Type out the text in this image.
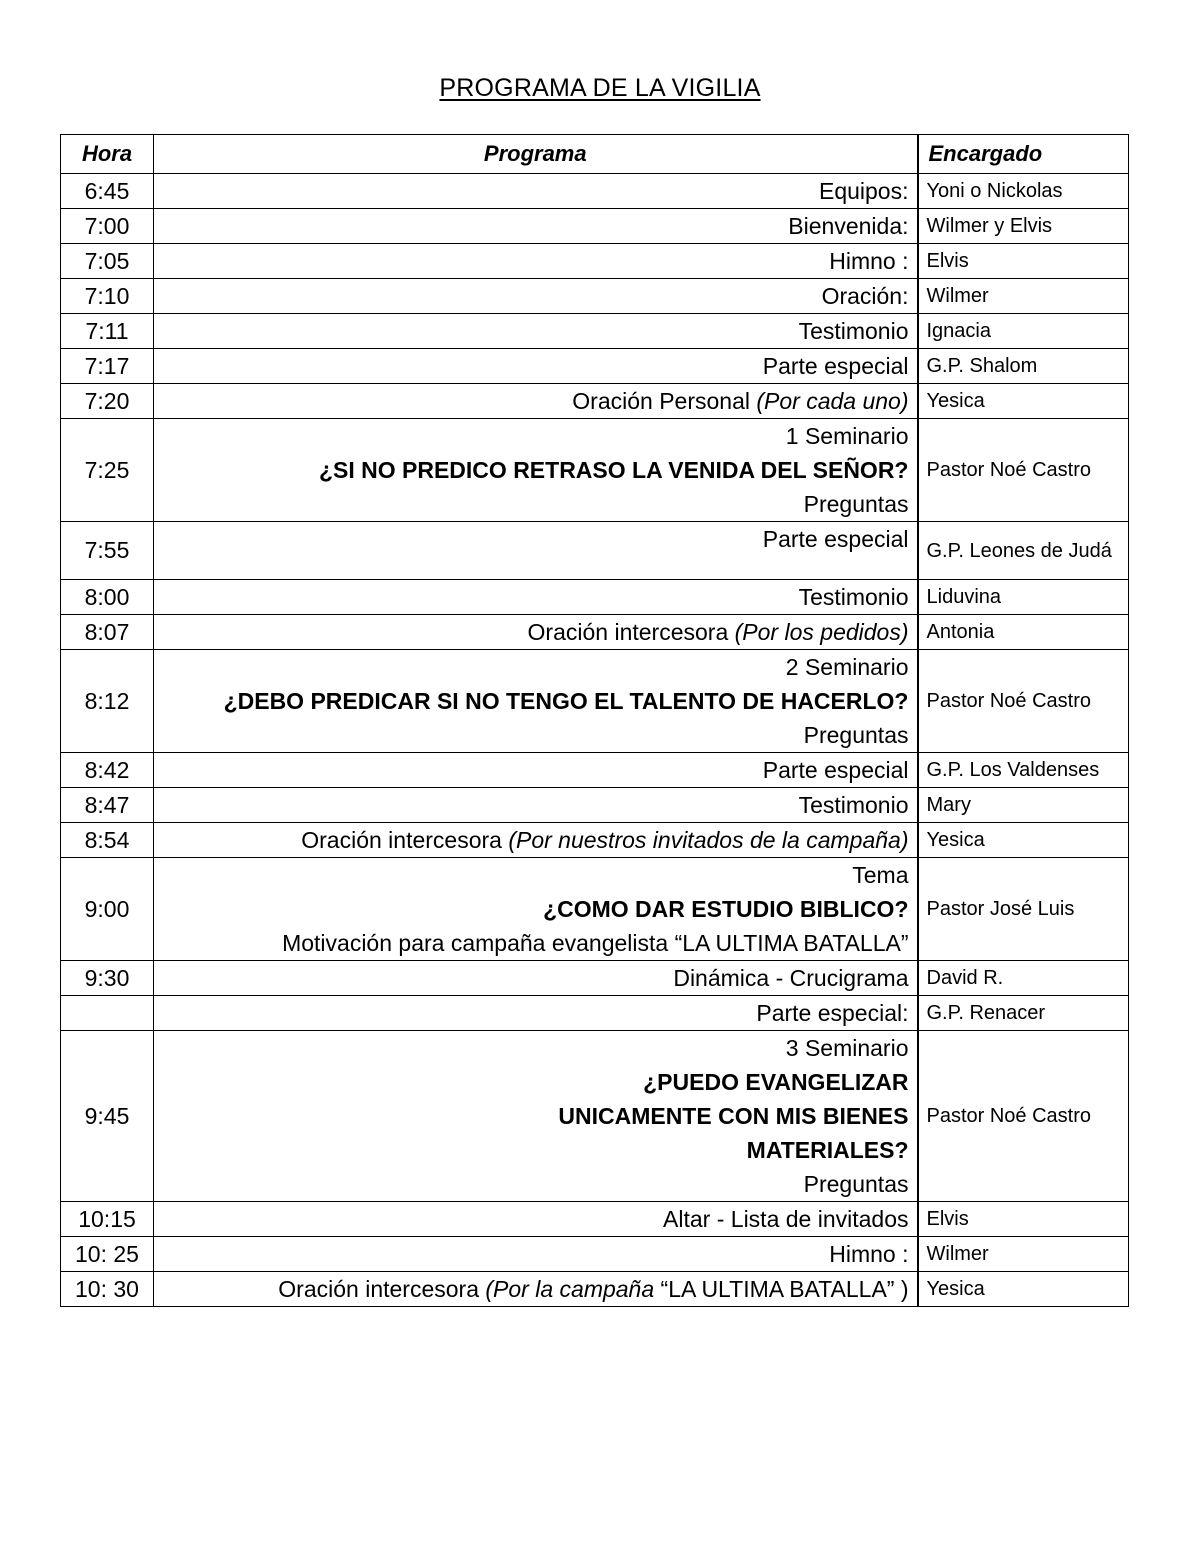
PROGRAMA DE LA VIGILIA
Hora	Programa	Encargado
6:45	Equipos:	Yoni o Nickolas
7:00	Bienvenida:	Wilmer y Elvis
7:05	Himno :	Elvis
7:10	Oración:	Wilmer
7:11	Testimonio	Ignacia
7:17	Parte especial	G.P. Shalom
7:20	Oración Personal (Por cada uno)	Yesica
7:25	1 Seminario
¿SI NO PREDICO RETRASO LA VENIDA DEL SEÑOR?
Preguntas	Pastor Noé Castro
7:55	Parte especial	G.P. Leones de Judá
8:00	Testimonio	Liduvina
8:07	Oración intercesora (Por los pedidos)	Antonia
8:12	2 Seminario
¿DEBO PREDICAR SI NO TENGO EL TALENTO DE HACERLO?
Preguntas	Pastor Noé Castro
8:42	Parte especial	G.P. Los Valdenses
8:47	Testimonio	Mary
8:54	Oración intercesora (Por nuestros invitados de la campaña)	Yesica
9:00	Tema
¿COMO DAR ESTUDIO BIBLICO?
Motivación para campaña evangelista “LA ULTIMA BATALLA”	Pastor José Luis
9:30	Dinámica - Crucigrama	David R.
	Parte especial:	G.P. Renacer
9:45	3 Seminario
¿PUEDO EVANGELIZAR UNICAMENTE CON MIS BIENES MATERIALES?
Preguntas	Pastor Noé Castro
10:15	Altar - Lista de invitados	Elvis
10: 25	Himno :	Wilmer
10: 30	Oración intercesora (Por la campaña “LA ULTIMA BATALLA” )	Yesica
